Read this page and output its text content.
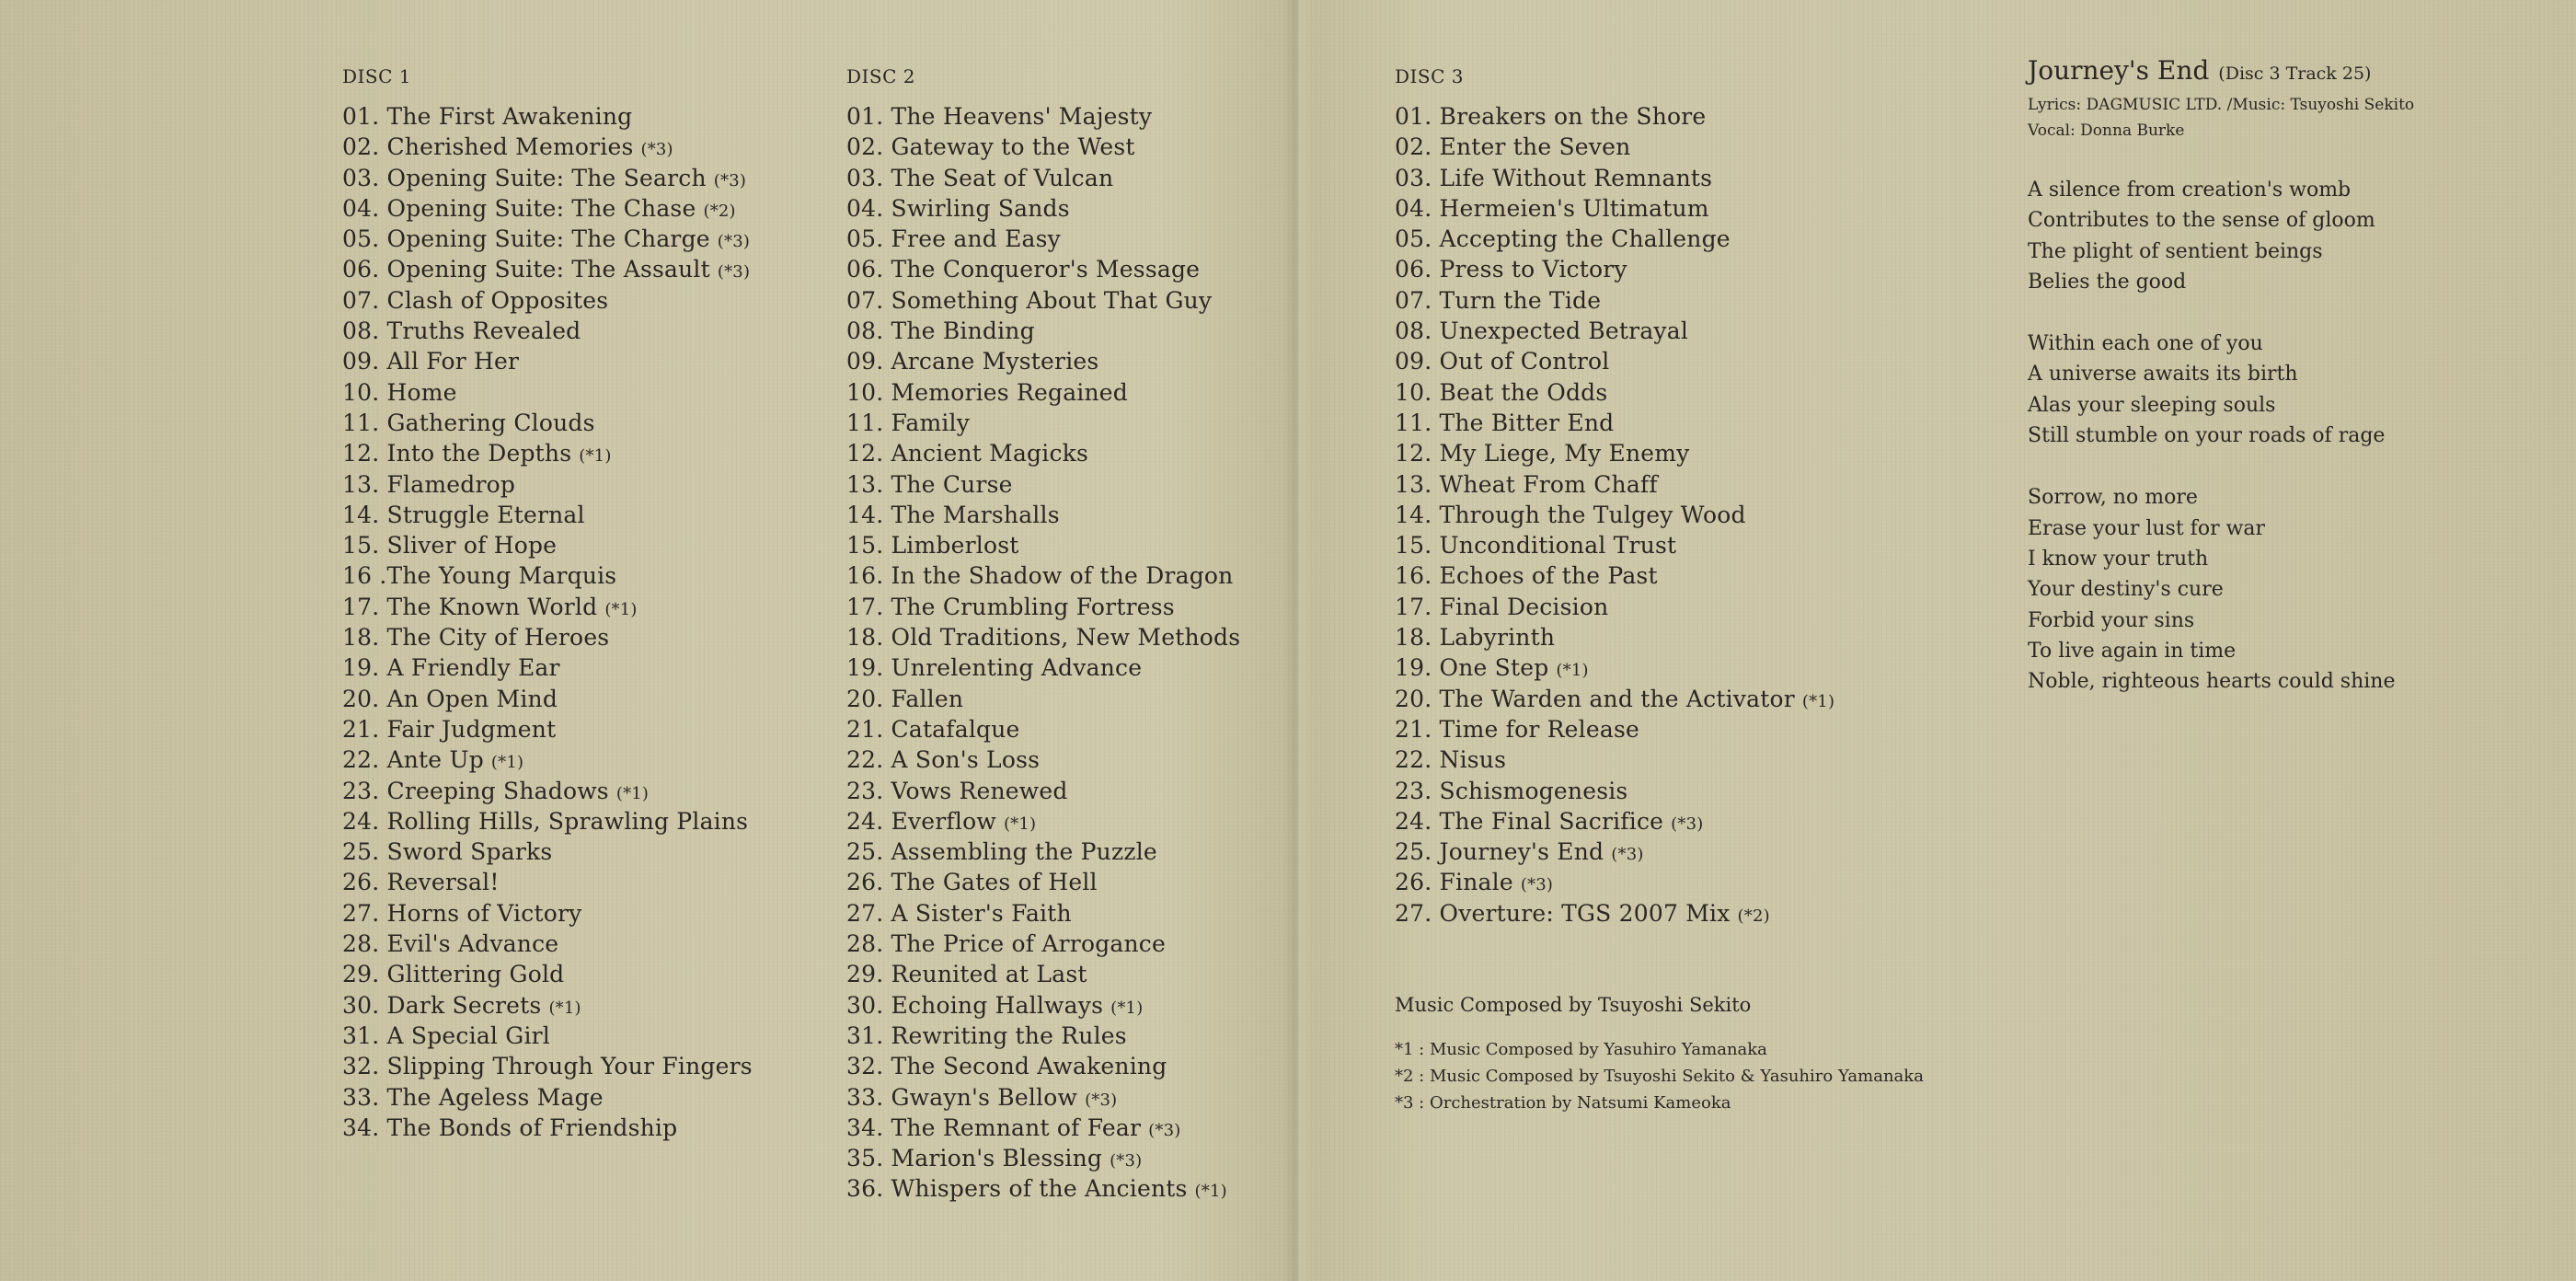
DISC 1
01. The First Awakening
02. Cherished Memories (*3)
03. Opening Suite: The Search (*3)
04. Opening Suite: The Chase (*2)
05. Opening Suite: The Charge (*3)
06. Opening Suite: The Assault (*3)
07. Clash of Opposites
08. Truths Revealed
09. All For Her
10. Home
11. Gathering Clouds
12. Into the Depths (*1)
13. Flamedrop
14. Struggle Eternal
15. Sliver of Hope
16 .The Young Marquis
17. The Known World (*1)
18. The City of Heroes
19. A Friendly Ear
20. An Open Mind
21. Fair Judgment
22. Ante Up (*1)
23. Creeping Shadows (*1)
24. Rolling Hills, Sprawling Plains
25. Sword Sparks
26. Reversal!
27. Horns of Victory
28. Evil's Advance
29. Glittering Gold
30. Dark Secrets (*1)
31. A Special Girl
32. Slipping Through Your Fingers
33. The Ageless Mage
34. The Bonds of Friendship
DISC 2
01. The Heavens' Majesty
02. Gateway to the West
03. The Seat of Vulcan
04. Swirling Sands
05. Free and Easy
06. The Conqueror's Message
07. Something About That Guy
08. The Binding
09. Arcane Mysteries
10. Memories Regained
11. Family
12. Ancient Magicks
13. The Curse
14. The Marshalls
15. Limberlost
16. In the Shadow of the Dragon
17. The Crumbling Fortress
18. Old Traditions, New Methods
19. Unrelenting Advance
20. Fallen
21. Catafalque
22. A Son's Loss
23. Vows Renewed
24. Everflow (*1)
25. Assembling the Puzzle
26. The Gates of Hell
27. A Sister's Faith
28. The Price of Arrogance
29. Reunited at Last
30. Echoing Hallways (*1)
31. Rewriting the Rules
32. The Second Awakening
33. Gwayn's Bellow (*3)
34. The Remnant of Fear (*3)
35. Marion's Blessing (*3)
36. Whispers of the Ancients (*1)
DISC 3
01. Breakers on the Shore
02. Enter the Seven
03. Life Without Remnants
04. Hermeien's Ultimatum
05. Accepting the Challenge
06. Press to Victory
07. Turn the Tide
08. Unexpected Betrayal
09. Out of Control
10. Beat the Odds
11. The Bitter End
12. My Liege, My Enemy
13. Wheat From Chaff
14. Through the Tulgey Wood
15. Unconditional Trust
16. Echoes of the Past
17. Final Decision
18. Labyrinth
19. One Step (*1)
20. The Warden and the Activator (*1)
21. Time for Release
22. Nisus
23. Schismogenesis
24. The Final Sacrifice (*3)
25. Journey's End (*3)
26. Finale (*3)
27. Overture: TGS 2007 Mix (*2)
Music Composed by Tsuyoshi Sekito
*1 : Music Composed by Yasuhiro Yamanaka
*2 : Music Composed by Tsuyoshi Sekito & Yasuhiro Yamanaka
*3 : Orchestration by Natsumi Kameoka
Journey's End (Disc 3 Track 25)
Lyrics: DAGMUSIC LTD. /Music: Tsuyoshi Sekito
Vocal: Donna Burke
A silence from creation's womb
Contributes to the sense of gloom
The plight of sentient beings
Belies the good
Within each one of you
A universe awaits its birth
Alas your sleeping souls
Still stumble on your roads of rage
Sorrow, no more
Erase your lust for war
I know your truth
Your destiny's cure
Forbid your sins
To live again in time
Noble, righteous hearts could shine
